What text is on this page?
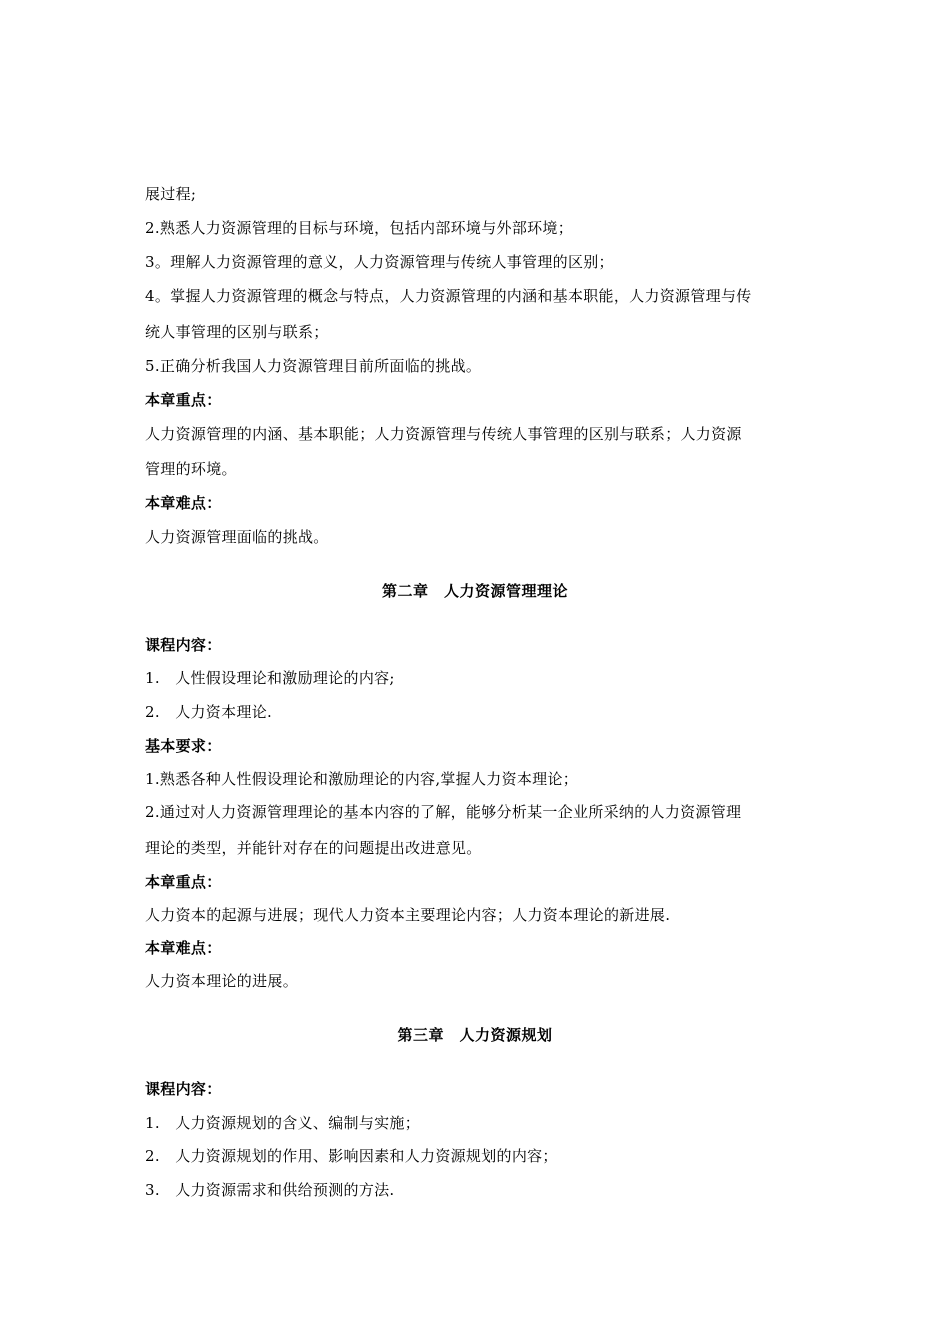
展过程;
2.熟悉人力资源管理的目标与环境，包括内部环境与外部环境；
3。理解人力资源管理的意义，人力资源管理与传统人事管理的区别；
4。掌握人力资源管理的概念与特点，人力资源管理的内涵和基本职能，人力资源管理与传
统人事管理的区别与联系；
5.正确分析我国人力资源管理目前所面临的挑战。
本章重点：
人力资源管理的内涵、基本职能；人力资源管理与传统人事管理的区别与联系；人力资源
管理的环境。
本章难点：
人力资源管理面临的挑战。
第二章　人力资源管理理论
课程内容：
1.　人性假设理论和激励理论的内容;
2.　人力资本理论.
基本要求：
1.熟悉各种人性假设理论和激励理论的内容,掌握人力资本理论；
2.通过对人力资源管理理论的基本内容的了解，能够分析某一企业所采纳的人力资源管理
理论的类型，并能针对存在的问题提出改进意见。
本章重点：
人力资本的起源与进展；现代人力资本主要理论内容；人力资本理论的新进展.
本章难点：
人力资本理论的进展。
第三章　人力资源规划
课程内容：
1.　人力资源规划的含义、编制与实施；
2.　人力资源规划的作用、影响因素和人力资源规划的内容；
3.　人力资源需求和供给预测的方法.
